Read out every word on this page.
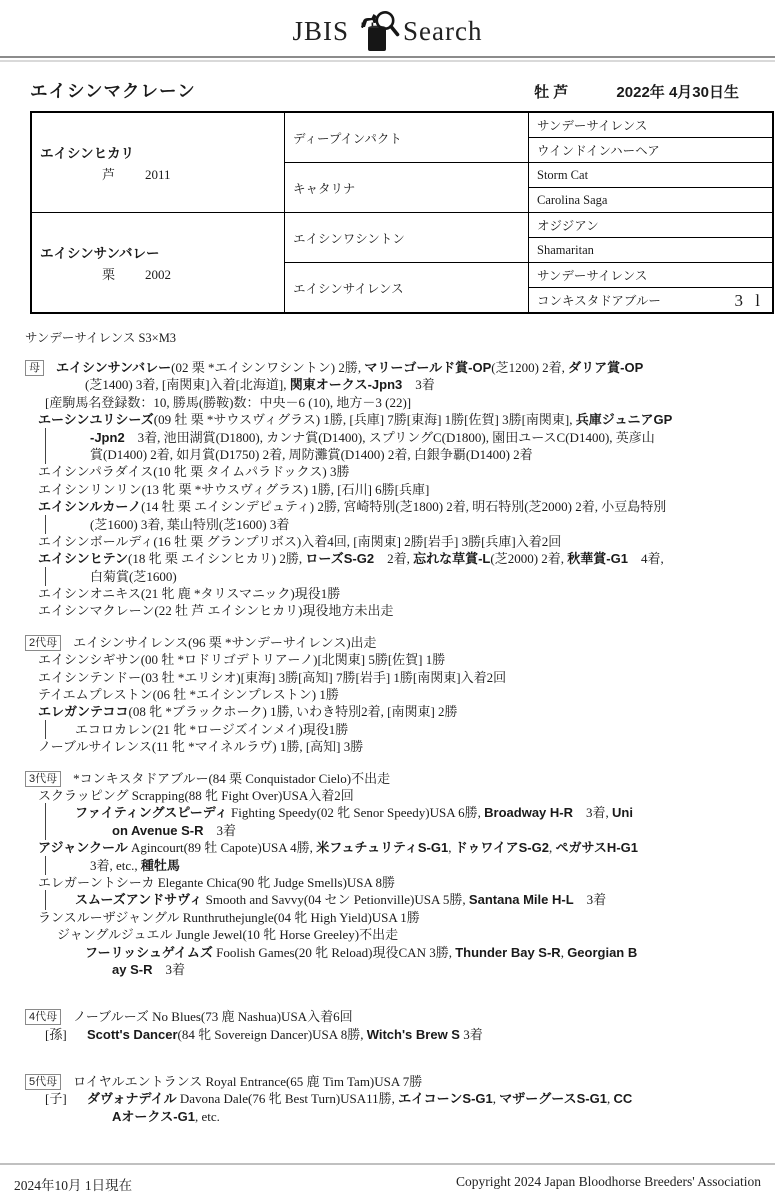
JBIS Search
エイシンマクレーン	牡 芦	2022年 4月30日生
エイシンヒカリ
芦 2011	ディープインパクト	サンデーサイレンス
		ウインドインハーヘア
	キャタリナ	Storm Cat
		Carolina Saga

エイシンサンバレー
栗 2002	エイシンワシントン	オジジアン
		Shamaritan
	エイシンサイレンス	サンデーサイレンス
		コンキスタドアブルー 3 l
サンデーサイレンス S3×M3
母 エイシンサンバレー(02 栗 *エイシンワシントン) 2勝, マリーゴールド賞-OP(芝1200) 2着, ダリア賞-OP
(芝1400) 3着, [南関東]入着[北海道], 関東オークス-Jpn3　3着
[産駒馬名登録数：10, 勝馬(勝鞍)数：中央－6 (10), 地方－3 (22)]
エーシンユリシーズ(09 牡 栗 *サウスヴィグラス) 1勝, [兵庫] 7勝[東海] 1勝[佐賀] 3勝[南関東], 兵庫ジュニアGP
-Jpn2　3着, 池田湖賞(D1800), カンナ賞(D1400), スプリングC(D1800), 園田ユースC(D1400), 英彦山
賞(D1400) 2着, 如月賞(D1750) 2着, 周防灘賞(D1400) 2着, 白銀争覇(D1400) 2着
エイシンパラダイス(10 牝 栗 タイムパラドックス) 3勝
エイシンリンリン(13 牝 栗 *サウスヴィグラス) 1勝, [石川] 6勝[兵庫]
エイシンルカーノ(14 牡 栗 エイシンデピュティ) 2勝, 宮崎特別(芝1800) 2着, 明石特別(芝2000) 2着, 小豆島特別
(芝1600) 3着, 葉山特別(芝1600) 3着
エイシンボールディ(16 牡 栗 グランプリボス)入着4回, [南関東] 2勝[岩手] 3勝[兵庫]入着2回
エイシンヒテン(18 牝 栗 エイシンヒカリ) 2勝, ローズS-G2　2着, 忘れな草賞-L(芝2000) 2着, 秋華賞-G1　4着,
白菊賞(芝1600)
エイシンオニキス(21 牝 鹿 *タリスマニック)現役1勝
エイシンマクレーン(22 牡 芦 エイシンヒカリ)現役地方未出走
2代母 エイシンサイレンス(96 栗 *サンデーサイレンス)出走
エイシンシギサン(00 牡 *ロドリゴデトリアーノ)[北関東] 5勝[佐賀] 1勝
エイシンテンドー(03 牡 *エリシオ)[東海] 3勝[高知] 7勝[岩手] 1勝[南関東]入着2回
テイエムプレストン(06 牡 *エイシンプレストン) 1勝
エレガンテココ(08 牝 *ブラックホーク) 1勝, いわき特別2着, [南関東] 2勝
エコロカレン(21 牝 *ロージズインメイ)現役1勝
ノーブルサイレンス(11 牝 *マイネルラヴ) 1勝, [高知] 3勝
3代母 *コンキスタドアブルー(84 栗 Conquistador Cielo)不出走
スクラッピング Scrapping(88 牝 Fight Over)USA入着2回
ファイティングスピーディ Fighting Speedy(02 牝 Senor Speedy)USA 6勝, Broadway H-R　3着, Uni
on Avenue S-R　3着
アジャンクール Agincourt(89 牡 Capote)USA 4勝, 米フュチュリティS-G1, ドゥワイアS-G2, ペガサスH-G1
3着, etc., 種牡馬
エレガーントシーカ Elegante Chica(90 牝 Judge Smells)USA 8勝
スムーズアンドサヴィ Smooth and Savvy(04 セン Petionville)USA 5勝, Santana Mile H-L　3着
ランスルーザジャングル Runthruthejungle(04 牝 High Yield)USA 1勝
ジャングルジュエル Jungle Jewel(10 牝 Horse Greeley)不出走
フーリッシュゲイムズ Foolish Games(20 牝 Reload)現役CAN 3勝, Thunder Bay S-R, Georgian B
ay S-R　3着
4代母 ノーブルーズ No Blues(73 鹿 Nashua)USA入着6回
[孫] Scott's Dancer(84 牝 Sovereign Dancer)USA 8勝, Witch's Brew S 3着
5代母 ロイヤルエントランス Royal Entrance(65 鹿 Tim Tam)USA 7勝
[子] ダヴォナデイル Davona Dale(76 牝 Best Turn)USA11勝, エイコーンS-G1, マザーグースS-G1, CC
Aオークス-G1, etc.
2024年10月 1日現在	Copyright 2024 Japan Bloodhorse Breeders' Association
